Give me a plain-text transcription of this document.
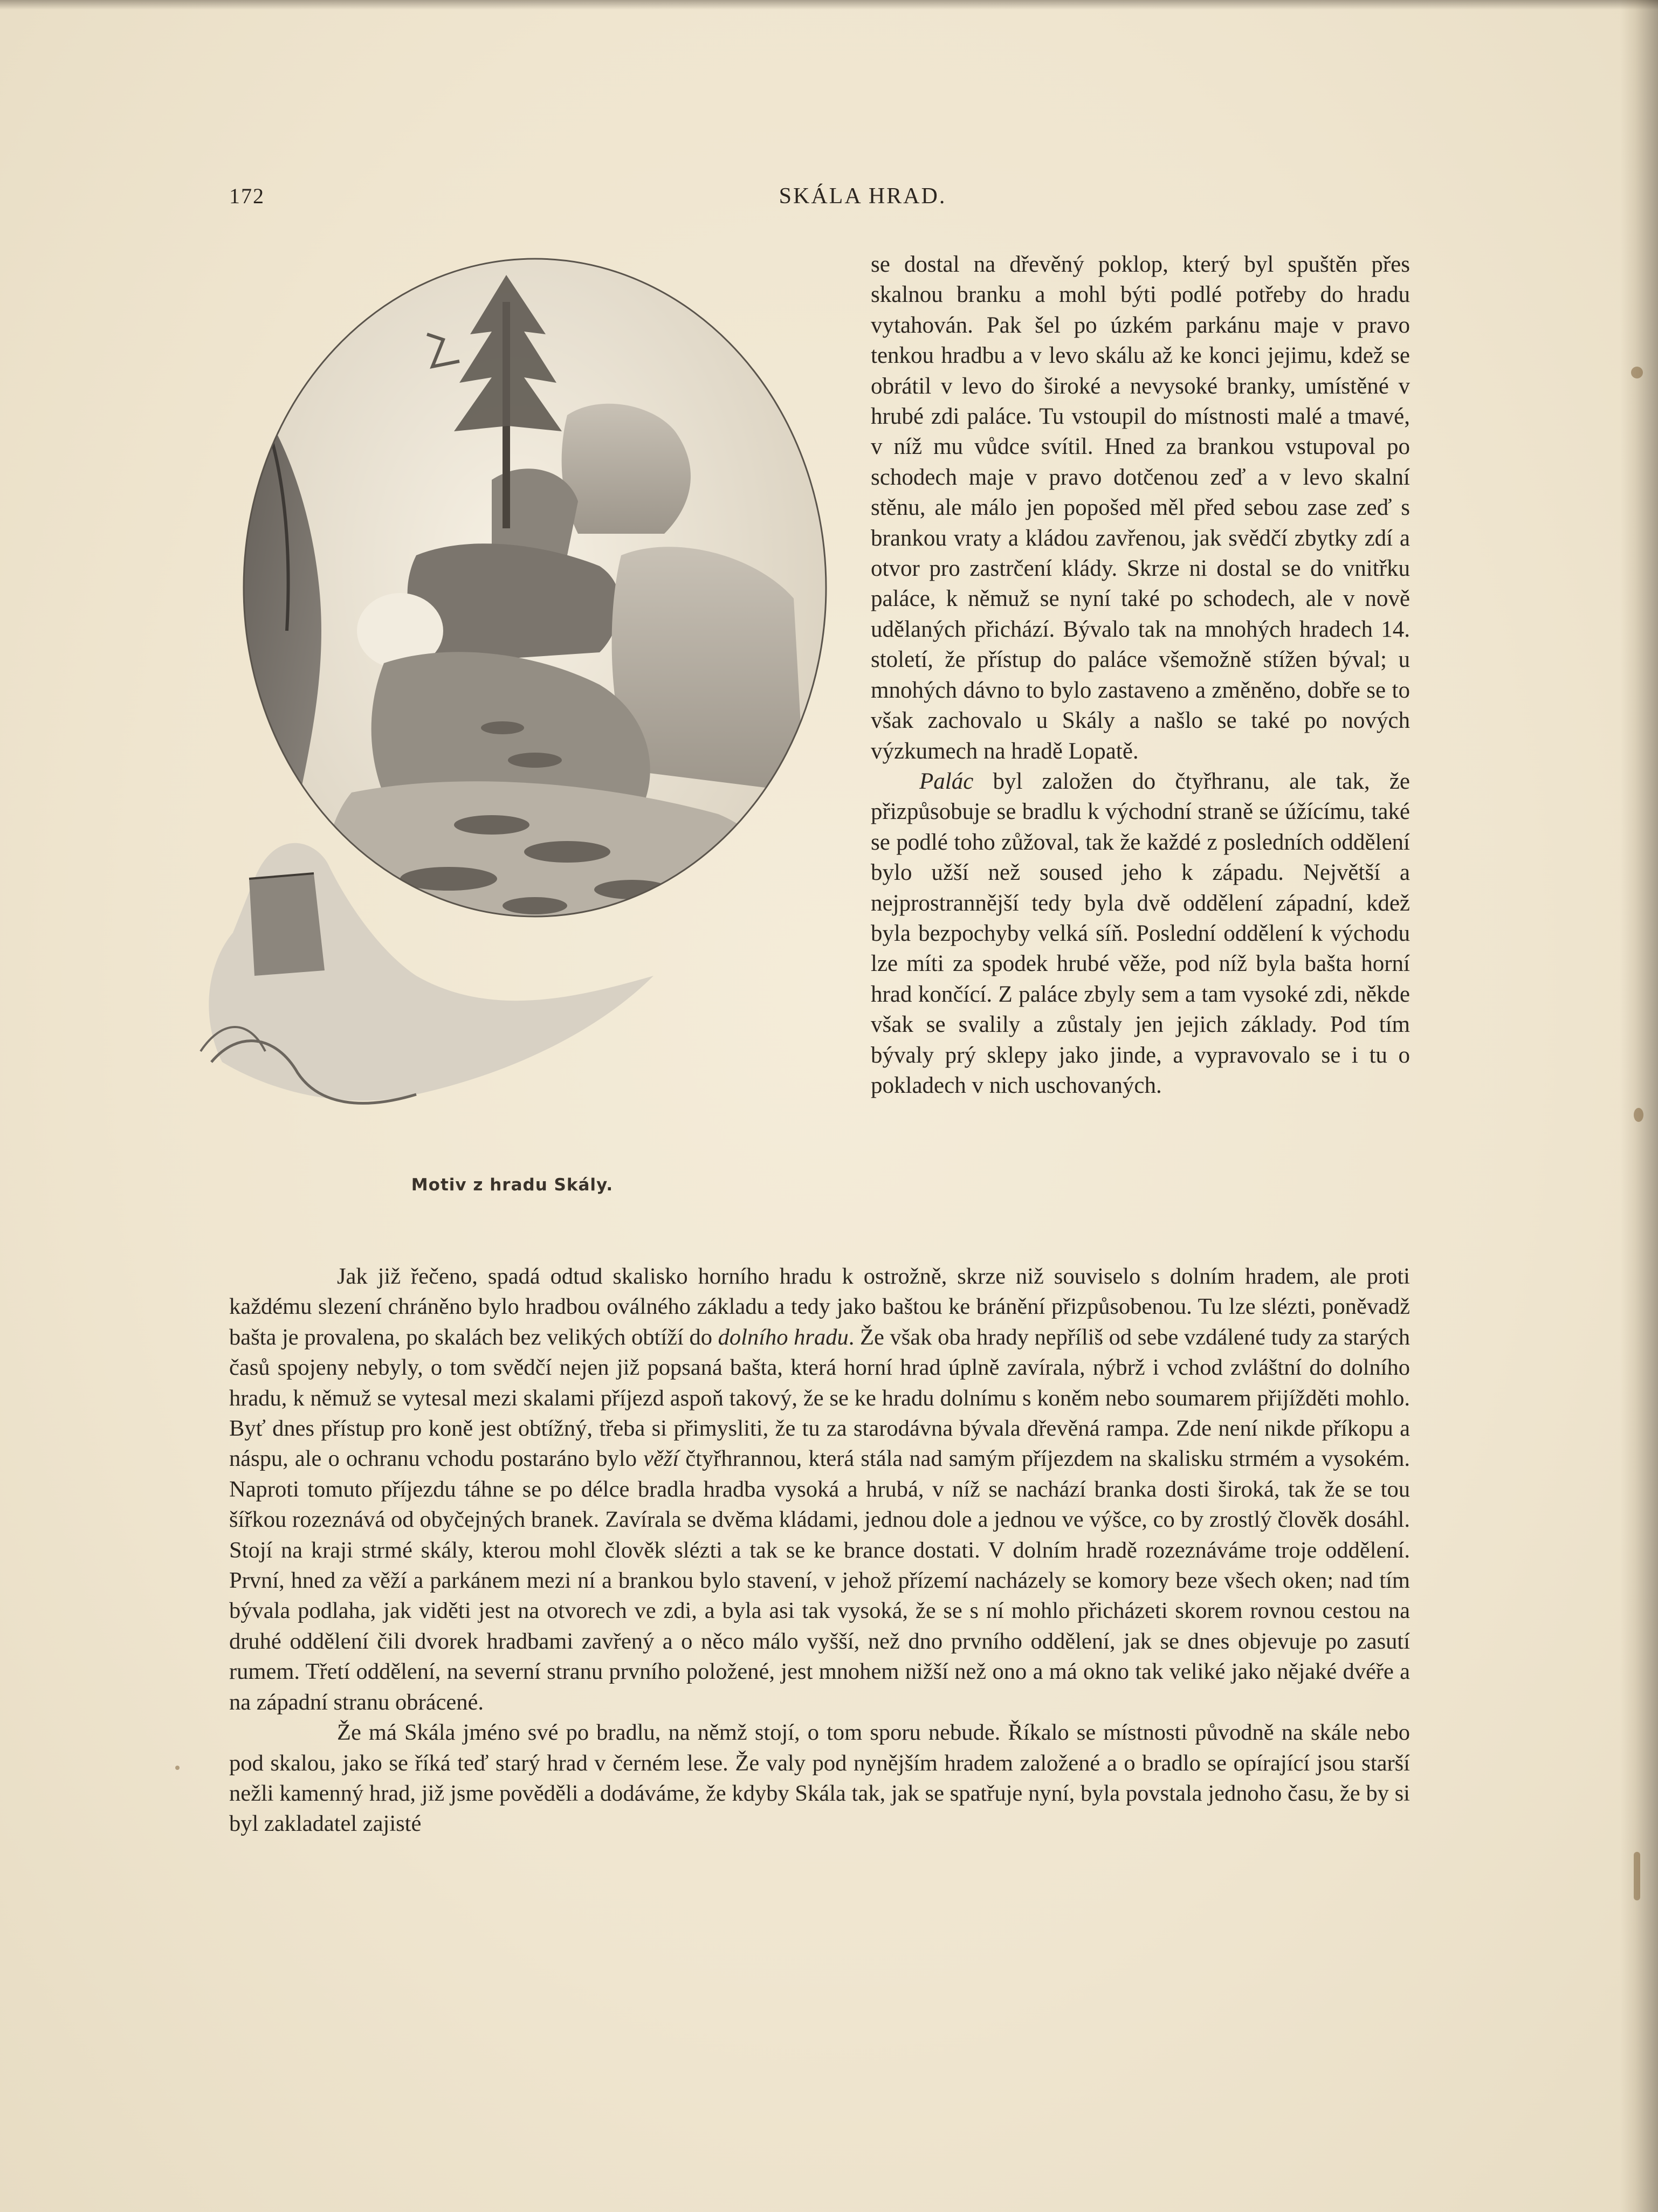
172	SKÁLA HRAD.
Motiv z hradu Skály.

se dostal na dřevěný poklop, který byl spuštěn přes skalnou branku a mohl býti podlé potřeby do hradu vytahován. Pak šel po úzkém parkánu maje v pravo tenkou hradbu a v levo skálu až ke konci jejimu, kdež se obrátil v levo do široké a nevysoké branky, umístěné v hrubé zdi paláce. Tu vstoupil do místnosti malé a tmavé, v níž mu vůdce svítil. Hned za brankou vstupoval po schodech maje v pravo dotčenou zeď a v levo skalní stěnu, ale málo jen popošed měl před sebou zase zeď s brankou vraty a kládou zavřenou, jak svědčí zbytky zdí a otvor pro zastrčení klády. Skrze ni dostal se do vnitřku paláce, k němuž se nyní také po schodech, ale v nově udělaných přichází. Bývalo tak na mnohých hradech 14. století, že přístup do paláce všemožně stížen býval; u mnohých dávno to bylo zastaveno a změněno, dobře se to však zachovalo u Skály a našlo se také po nových výzkumech na hradě Lopatě.

Palác byl založen do čtyřhranu, ale tak, že přizpůsobuje se bradlu k východní straně se úžícímu, také se podlé toho zůžoval, tak že každé z posledních oddělení bylo užší než soused jeho k západu. Největší a nejprostrannější tedy byla dvě oddělení západní, kdež byla bezpochyby velká síň. Poslední oddělení k východu lze míti za spodek hrubé věže, pod níž byla bašta horní hrad končící. Z paláce zbyly sem a tam vysoké zdi, někde však se svalily a zůstaly jen jejich základy. Pod tím bývaly prý sklepy jako jinde, a vypravovalo se i tu o pokladech v nich uschovaných.

Jak již řečeno, spadá odtud skalisko horního hradu k ostrožně, skrze niž souviselo s dolním hradem, ale proti každému slezení chráněno bylo hradbou oválného základu a tedy jako baštou ke bránění přizpůsobenou. Tu lze slézti, poněvadž bašta je provalena, po skalách bez velikých obtíží do dolního hradu. Že však oba hrady nepříliš od sebe vzdálené tudy za starých časů spojeny nebyly, o tom svědčí nejen již popsaná bašta, která horní hrad úplně zavírala, nýbrž i vchod zvláštní do dolního hradu, k němuž se vytesal mezi skalami příjezd aspoň takový, že se ke hradu dolnímu s koněm nebo soumarem přijížděti mohlo. Byť dnes přístup pro koně jest obtížný, třeba si přimysliti, že tu za starodávna bývala dřevěná rampa. Zde není nikde příkopu a náspu, ale o ochranu vchodu postaráno bylo věží čtyřhrannou, která stála nad samým příjezdem na skalisku strmém a vysokém. Naproti tomuto příjezdu táhne se po délce bradla hradba vysoká a hrubá, v níž se nachází branka dosti široká, tak že se tou šířkou rozeznává od obyčejných branek. Zavírala se dvěma kládami, jednou dole a jednou ve výšce, co by zrostlý člověk dosáhl. Stojí na kraji strmé skály, kterou mohl člověk slézti a tak se ke brance dostati. V dolním hradě rozeznáváme troje oddělení. První, hned za věží a parkánem mezi ní a brankou bylo stavení, v jehož přízemí nacházely se komory beze všech oken; nad tím bývala podlaha, jak viděti jest na otvorech ve zdi, a byla asi tak vysoká, že se s ní mohlo přicházeti skorem rovnou cestou na druhé oddělení čili dvorek hradbami zavřený a o něco málo vyšší, než dno prvního oddělení, jak se dnes objevuje po zasutí rumem. Třetí oddělení, na severní stranu prvního položené, jest mnohem nižší než ono a má okno tak veliké jako nějaké dvéře a na západní stranu obrácené.

Že má Skála jméno své po bradlu, na němž stojí, o tom sporu nebude. Říkalo se místnosti původně na skále nebo pod skalou, jako se říká teď starý hrad v černém lese. Že valy pod nynějším hradem založené a o bradlo se opírající jsou starší nežli kamenný hrad, již jsme pověděli a dodáváme, že kdyby Skála tak, jak se spatřuje nyní, byla povstala jednoho času, že by si byl zakladatel zajisté
